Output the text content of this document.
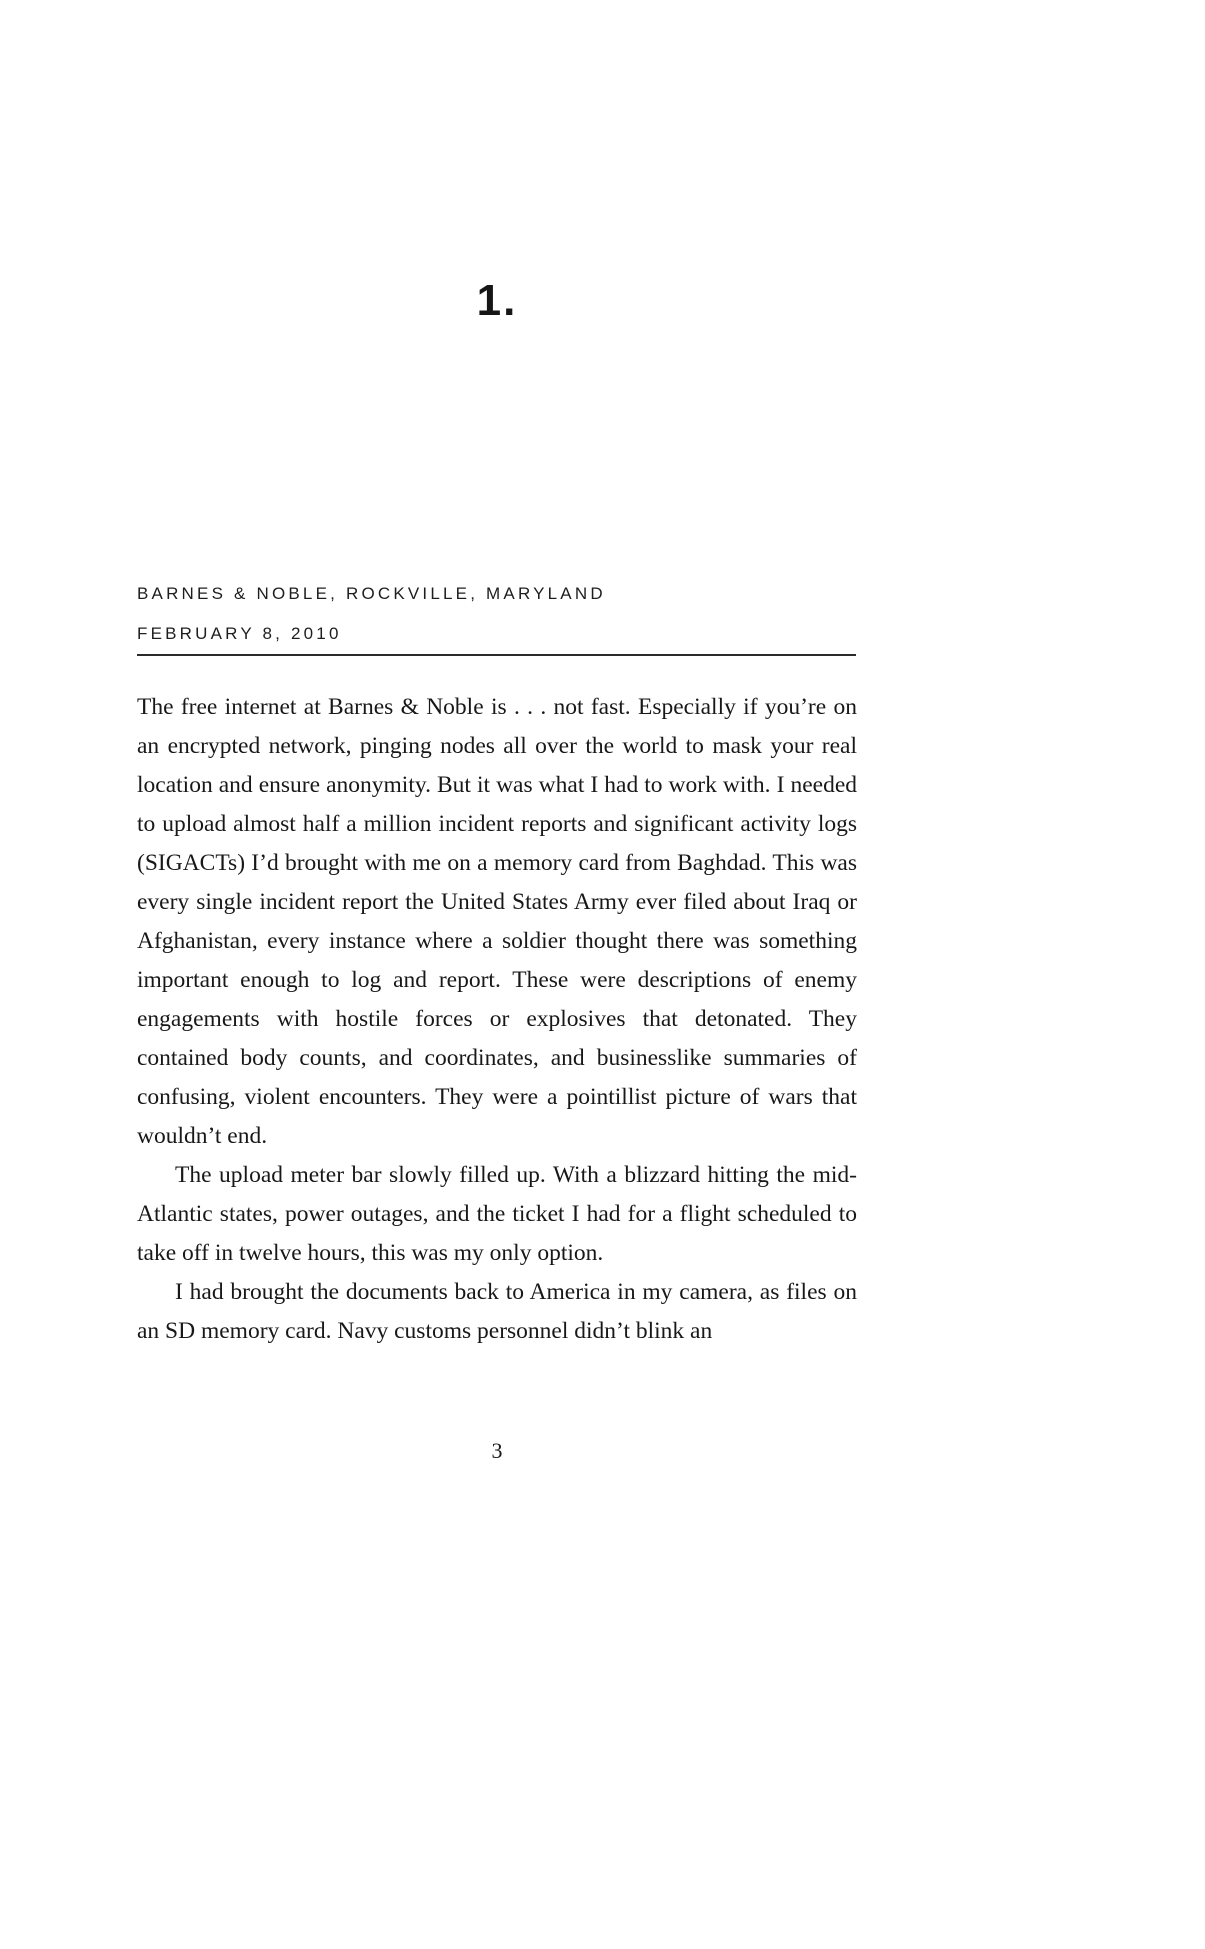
1.
BARNES & NOBLE, ROCKVILLE, MARYLAND
FEBRUARY 8, 2010

The free internet at Barnes & Noble is . . . not fast. Especially if you’re on an encrypted network, pinging nodes all over the world to mask your real location and ensure anonymity. But it was what I had to work with. I needed to upload almost half a million incident reports and significant activity logs (SIGACTs) I’d brought with me on a memory card from Baghdad. This was every single incident report the United States Army ever filed about Iraq or Afghanistan, every instance where a soldier thought there was something important enough to log and report. These were descriptions of enemy engagements with hostile forces or explosives that detonated. They contained body counts, and coordinates, and businesslike summaries of confusing, violent encounters. They were a pointillist picture of wars that wouldn’t end.

The upload meter bar slowly filled up. With a blizzard hitting the mid-Atlantic states, power outages, and the ticket I had for a flight scheduled to take off in twelve hours, this was my only option.

I had brought the documents back to America in my camera, as files on an SD memory card. Navy customs personnel didn’t blink an

3
